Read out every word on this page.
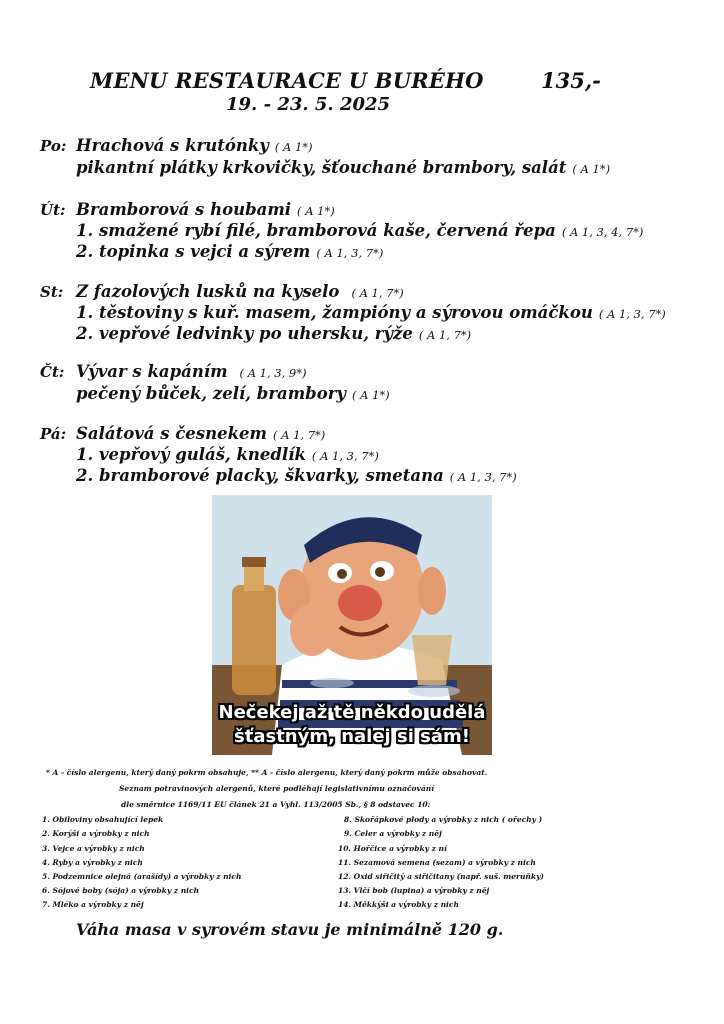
MENU RESTAURACE U BURÉHO	135,-
19. - 23. 5. 2025
Po: Hrachová s krutónky ( A 1*)
pikantní plátky krkovičky, šťouchané brambory, salát ( A 1*)
Út: Bramborová s houbami ( A 1*)
1. smažené rybí filé, bramborová kaše, červená řepa ( A 1, 3, 4, 7*)
2. topinka s vejci a sýrem ( A 1, 3, 7*)
St: Z fazolových lusků na kyselo ( A 1, 7*)
1. těstoviny s kuř. masem, žampióny a sýrovou omáčkou ( A 1, 3, 7*)
2. vepřové ledvinky po uhersku, rýže ( A 1, 7*)
Čt: Vývar s kapáním ( A 1, 3, 9*)
pečený bůček, zelí, brambory ( A 1*)
Pá: Salátová s česnekem ( A 1, 7*)
1. vepřový guláš, knedlík ( A 1, 3, 7*)
2. bramborové placky, škvarky, smetana ( A 1, 3, 7*)
Nečekej až tě někdo udělá
šťastným, nalej si sám!
* A - číslo alergenu, který daný pokrm obsahuje, ** A - číslo alergenu, který daný pokrm může obsahovat.
Seznam potravinových alergenů, které podléhají legislativnímu označování
dle směrnice 1169/11 EU článek 21 a Vyhl. 113/2005 Sb., § 8 odstavec 10:
1. Obiloviny obsahující lepek
2. Korýši a výrobky z nich
3. Vejce a výrobky z nich
4. Ryby a výrobky z nich
5. Podzemnice olejná (arašídy) a výrobky z nich
6. Sójové boby (sója) a výrobky z nich
7. Mléko a výrobky z něj
8. Skořápkové plody a výrobky z nich ( ořechy )
9. Celer a výrobky z něj
10. Hořčice a výrobky z ní
11. Sezamová semena (sezam) a výrobky z nich
12. Oxid siřičitý a siřičitany (např. suš. meruňky)
13. Vlčí bob (lupina) a výrobky z něj
14. Měkkýši a výrobky z nich
Váha masa v syrovém stavu je minimálně 120 g.
